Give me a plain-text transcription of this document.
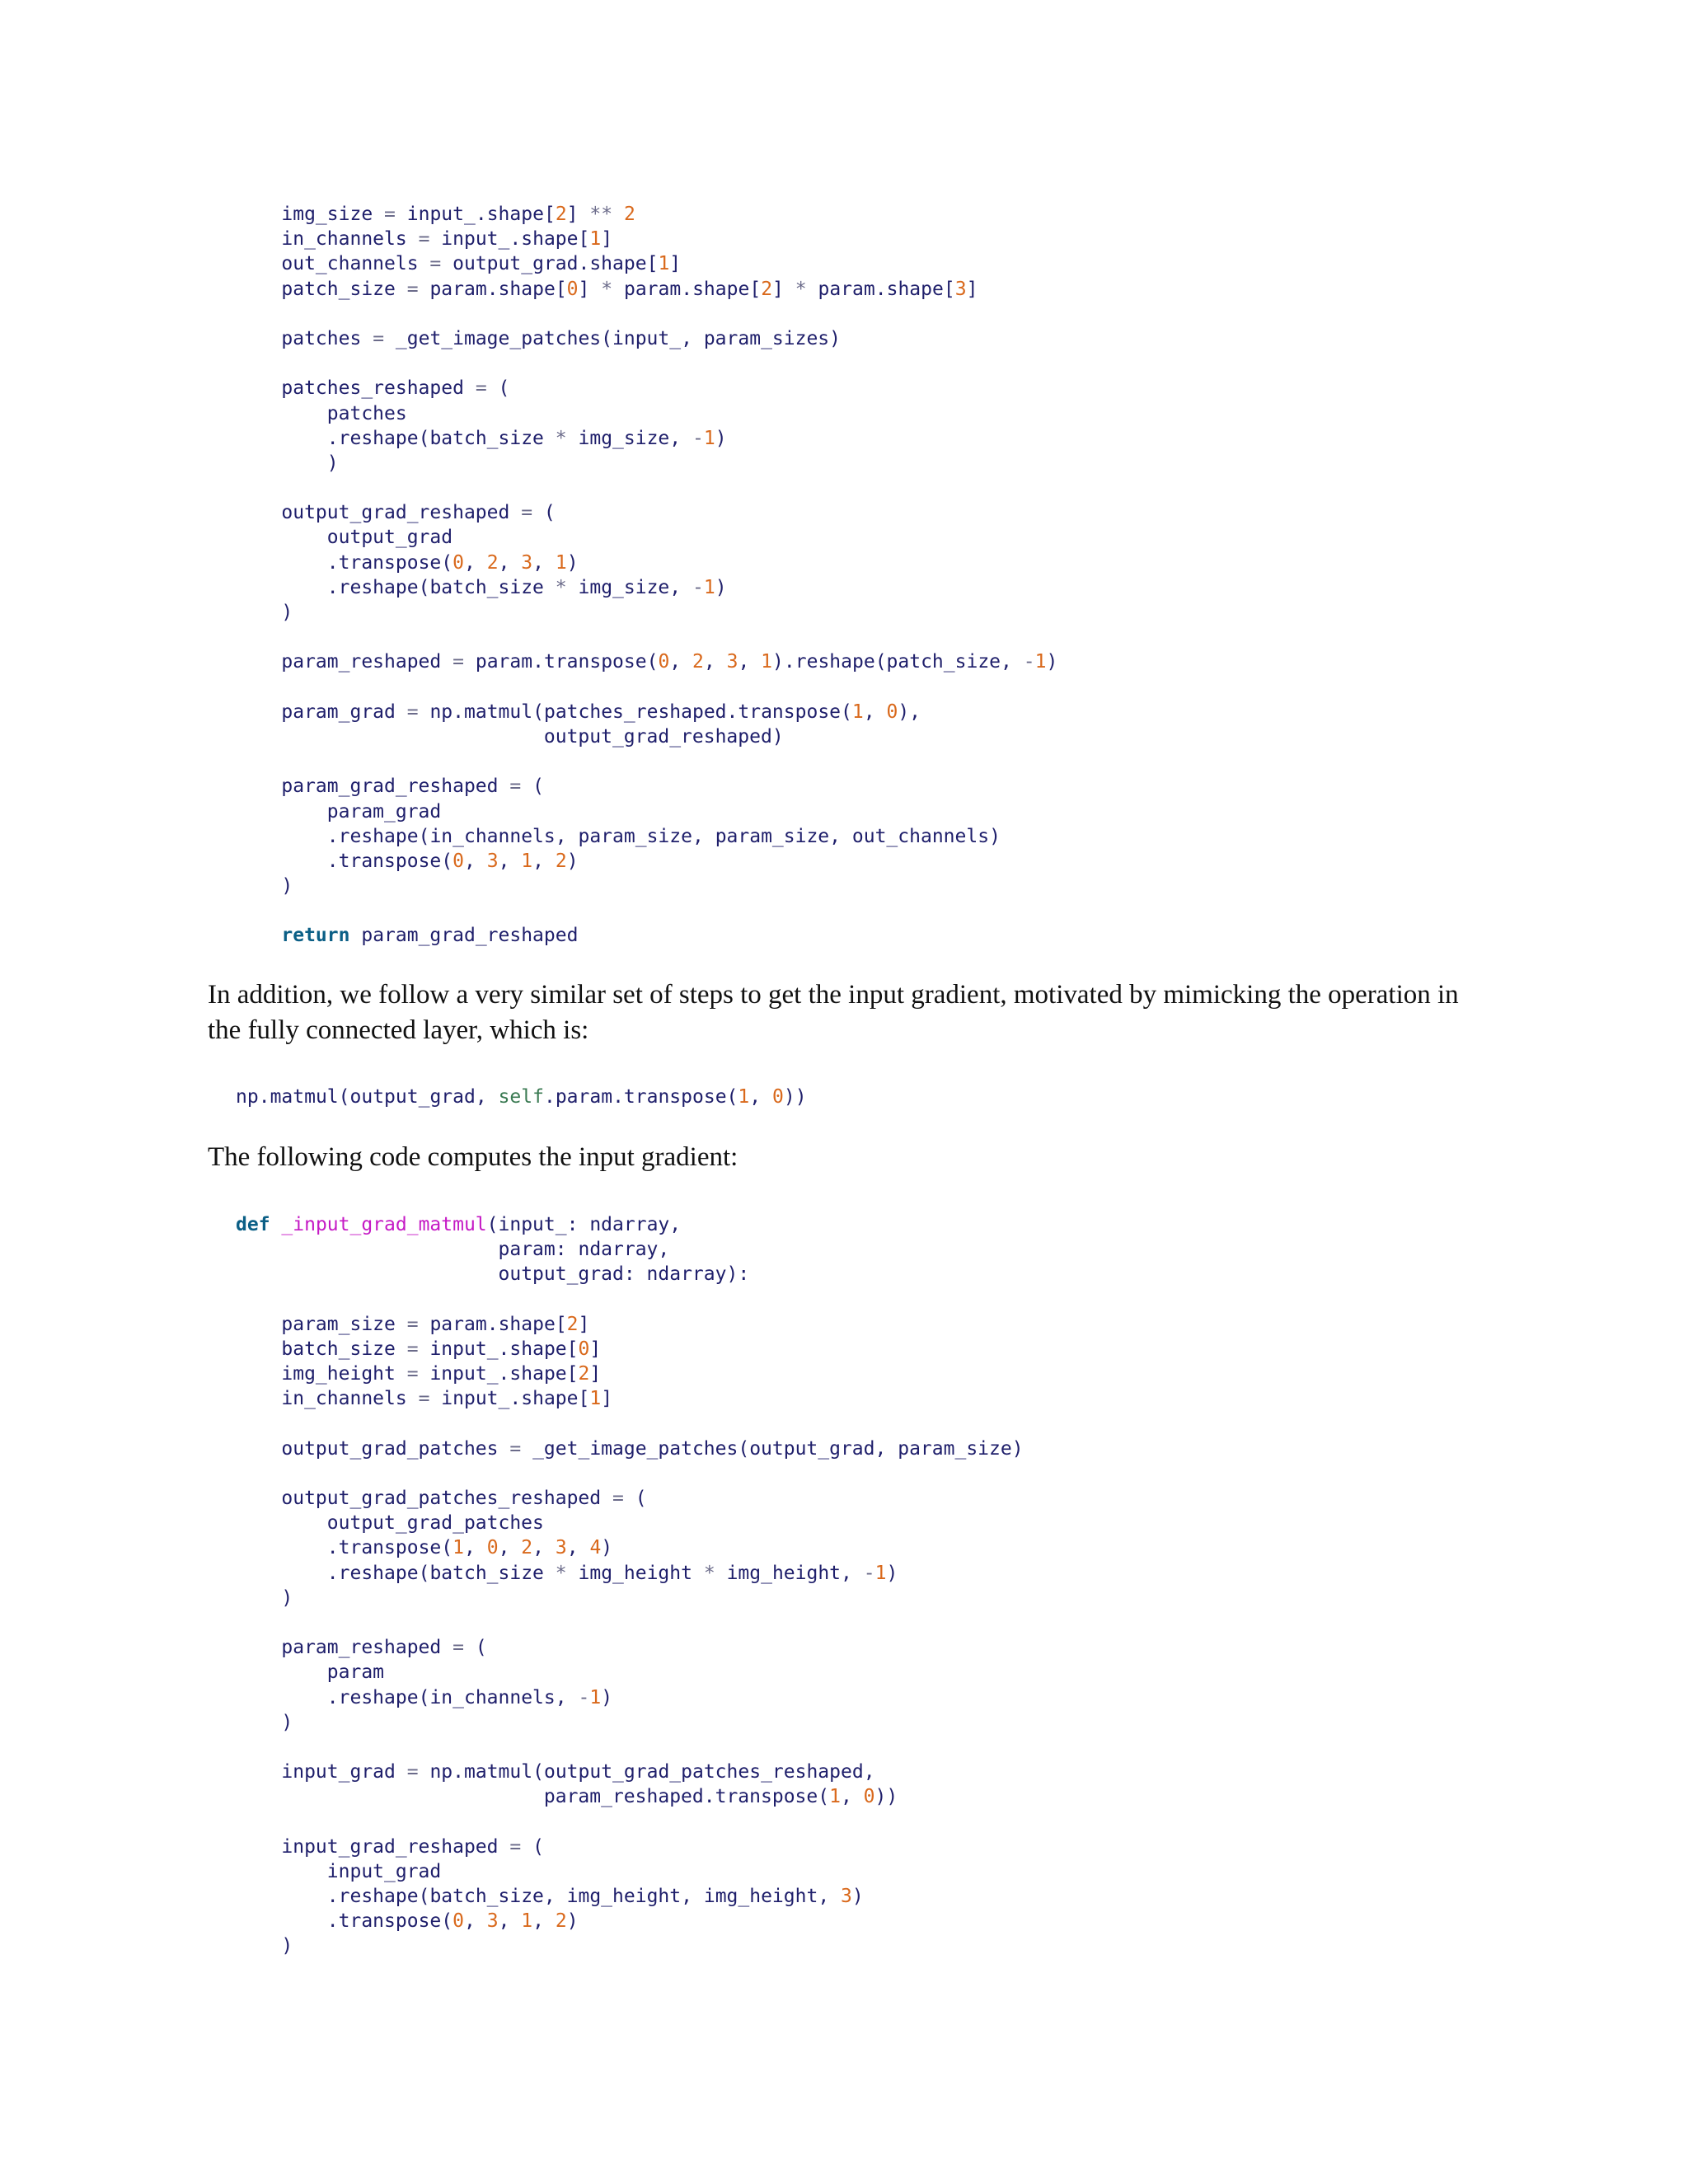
img_size = input_.shape[2] ** 2
in_channels = input_.shape[1]
out_channels = output_grad.shape[1]
patch_size = param.shape[0] * param.shape[2] * param.shape[3]
patches = _get_image_patches(input_, param_sizes)
patches_reshaped = (
patches
.reshape(batch_size * img_size, -1)
)
output_grad_reshaped = (
output_grad
.transpose(0, 2, 3, 1)
.reshape(batch_size * img_size, -1)
)
param_reshaped = param.transpose(0, 2, 3, 1).reshape(patch_size, -1)
param_grad = np.matmul(patches_reshaped.transpose(1, 0),
output_grad_reshaped)
param_grad_reshaped = (
param_grad
.reshape(in_channels, param_size, param_size, out_channels)
.transpose(0, 3, 1, 2)
)
return param_grad_reshaped

In addition, we follow a very similar set of steps to get the input gradient, motivated by mimicking the operation in the fully connected layer, which is:

np.matmul(output_grad, self.param.transpose(1, 0))

The following code computes the input gradient:

def _input_grad_matmul(input_: ndarray,
param: ndarray,
output_grad: ndarray):
param_size = param.shape[2]
batch_size = input_.shape[0]
img_height = input_.shape[2]
in_channels = input_.shape[1]
output_grad_patches = _get_image_patches(output_grad, param_size)
output_grad_patches_reshaped = (
output_grad_patches
.transpose(1, 0, 2, 3, 4)
.reshape(batch_size * img_height * img_height, -1)
)
param_reshaped = (
param
.reshape(in_channels, -1)
)
input_grad = np.matmul(output_grad_patches_reshaped,
param_reshaped.transpose(1, 0))
input_grad_reshaped = (
input_grad
.reshape(batch_size, img_height, img_height, 3)
.transpose(0, 3, 1, 2)
)
